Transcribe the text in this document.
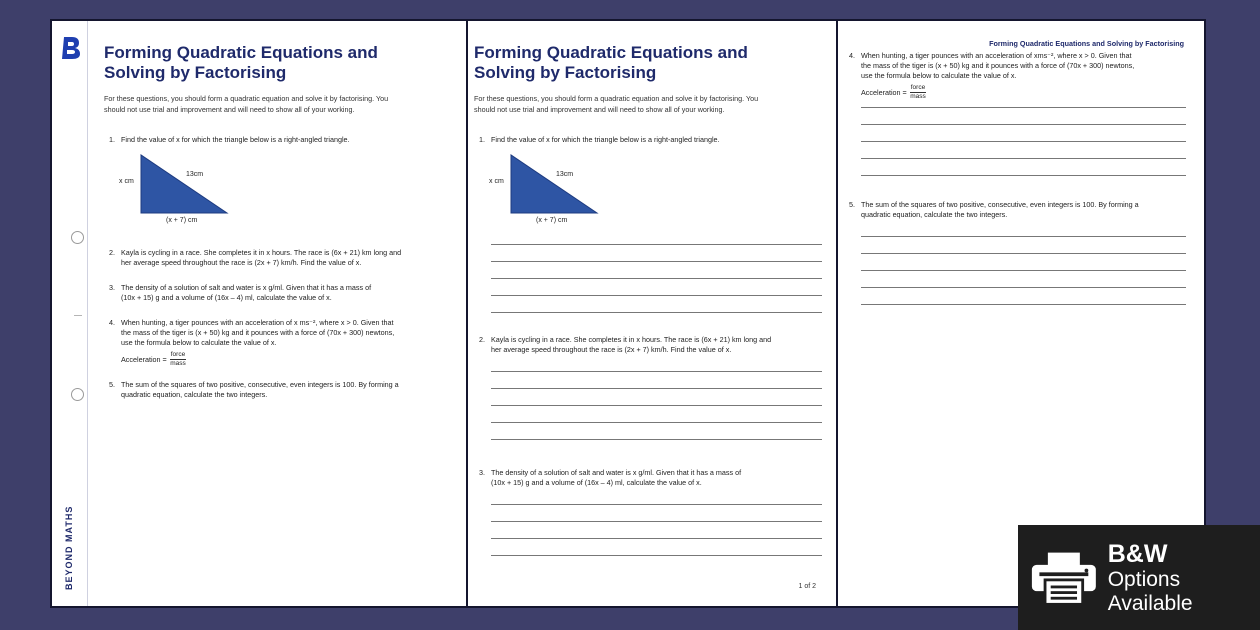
BEYOND MATHS
Forming Quadratic Equations and
Solving by Factorising
For these questions, you should form a quadratic equation and solve it by factorising. You
should not use trial and improvement and will need to show all of your working.
1. Find the value of x for which the triangle below is a right-angled triangle.
x cm
13cm
(x + 7) cm
2. Kayla is cycling in a race. She completes it in x hours. The race is (6x + 21) km long and
her average speed throughout the race is (2x + 7) km/h. Find the value of x.
3. The density of a solution of salt and water is x g/ml. Given that it has a mass of
(10x + 15) g and a volume of (16x – 4) ml, calculate the value of x.
4. When hunting, a tiger pounces with an acceleration of x ms⁻², where x > 0. Given that
the mass of the tiger is (x + 50) kg and it pounces with a force of (70x + 300) newtons,
use the formula below to calculate the value of x.
Acceleration = $\frac{\text{force}}{\text{mass}}$
5. The sum of the squares of two positive, consecutive, even integers is 100. By forming a
quadratic equation, calculate the two integers.
Forming Quadratic Equations and
Solving by Factorising
For these questions, you should form a quadratic equation and solve it by factorising. You
should not use trial and improvement and will need to show all of your working.
1. Find the value of x for which the triangle below is a right-angled triangle.
x cm
13cm
(x + 7) cm
2. Kayla is cycling in a race. She completes it in x hours. The race is (6x + 21) km long and
her average speed throughout the race is (2x + 7) km/h. Find the value of x.
3. The density of a solution of salt and water is x g/ml. Given that it has a mass of
(10x + 15) g and a volume of (16x – 4) ml, calculate the value of x.
1 of 2
Forming Quadratic Equations and Solving by Factorising
4. When hunting, a tiger pounces with an acceleration of xms⁻², where x > 0. Given that
the mass of the tiger is (x + 50) kg and it pounces with a force of (70x + 300) newtons,
use the formula below to calculate the value of x.
Acceleration = $\frac{\text{force}}{\text{mass}}$
5. The sum of the squares of two positive, consecutive, even integers is 100. By forming a
quadratic equation, calculate the two integers.
B&W
Options Available
